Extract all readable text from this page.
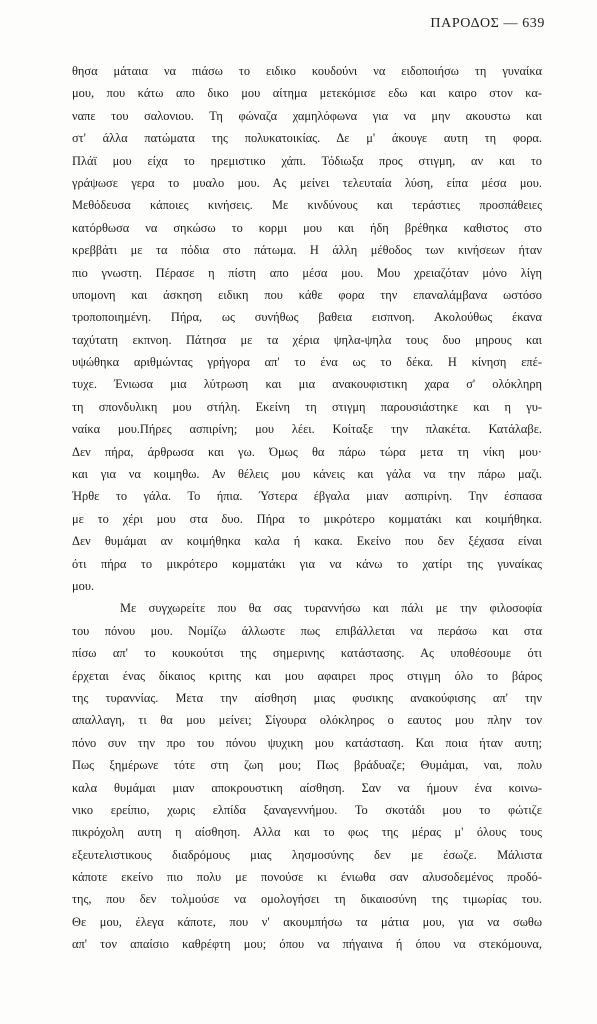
ΠΑΡΟΔΟΣ — 639
θησα μάταια να πιάσω το ειδικο κουδούνι να ειδοποιήσω τη γυναίκα
μου, που κάτω απο δικο μου αίτημα μετεκόμισε εδω και καιρο στον κα-
ναπε του σαλονιου. Τη φώναζα χαμηλόφωνα για να μην ακουστω και
στ' άλλα πατώματα της πολυκατοικίας. Δε μ' άκουγε αυτη τη φορα.
Πλάϊ μου είχα το ηρεμιστικο χάπι. Τόδιωξα προς στιγμη, αν και το
γράψωσε γερα το μυαλο μου. Ας μείνει τελευταία λύση, είπα μέσα μου.
Μεθόδευσα κάποιες κινήσεις. Με κινδύνους και τεράστιες προσπάθειες
κατόρθωσα να σηκώσω το κορμι μου και ήδη βρέθηκα καθιστος στο
κρεββάτι με τα πόδια στο πάτωμα. Η άλλη μέθοδος των κινήσεων ήταν
πιο γνωστη. Πέρασε η πίστη απο μέσα μου. Μου χρειαζόταν μόνο λίγη
υπομονη και άσκηση ειδικη που κάθε φορα την επαναλάμβανα ωστόσο
τροποποιημένη. Πήρα, ως συνήθως βαθεια εισπνοη. Ακολούθως έκανα
ταχύτατη εκπνοη. Πάτησα με τα χέρια ψηλα-ψηλα τους δυο μηρους και
υψώθηκα αριθμώντας γρήγορα απ' το ένα ως το δέκα. Η κίνηση επέ-
τυχε. Ένιωσα μια λύτρωση και μια ανακουφιστικη χαρα σ' ολόκληρη
τη σπονδυλικη μου στήλη. Εκείνη τη στιγμη παρουσιάστηκε και η γυ-
ναίκα μου.Πήρες ασπιρίνη; μου λέει. Κοίταξε την πλακέτα. Κατάλαβε.
Δεν πήρα, άρθρωσα και γω. Όμως θα πάρω τώρα μετα τη νίκη μου·
και για να κοιμηθω. Αν θέλεις μου κάνεις και γάλα να την πάρω μαζι.
Ήρθε το γάλα. Το ήπια. Ύστερα έβγαλα μιαν ασπιρίνη. Την έσπασα
με το χέρι μου στα δυο. Πήρα το μικρότερο κομματάκι και κοιμήθηκα.
Δεν θυμάμαι αν κοιμήθηκα καλα ή κακα. Εκείνο που δεν ξέχασα είναι
ότι πήρα το μικρότερο κομματάκι για να κάνω το χατίρι της γυναίκας
μου.
Με συγχωρείτε που θα σας τυραννήσω και πάλι με την φιλοσοφία
του πόνου μου. Νομίζω άλλωστε πως επιβάλλεται να περάσω και στα
πίσω απ' το κουκούτσι της σημερινης κατάστασης. Ας υποθέσουμε ότι
έρχεται ένας δίκαιος κριτης και μου αφαιρει προς στιγμη όλο το βάρος
της τυραννίας. Μετα την αίσθηση μιας φυσικης ανακούφισης απ' την
απαλλαγη, τι θα μου μείνει; Σίγουρα ολόκληρος ο εαυτος μου πλην τον
πόνο συν την προ του πόνου ψυχικη μου κατάσταση. Και ποια ήταν αυτη;
Πως ξημέρωνε τότε στη ζωη μου; Πως βράδυαζε; Θυμάμαι, ναι, πολυ
καλα θυμάμαι μιαν αποκρουστικη αίσθηση. Σαν να ήμουν ένα κοινω-
νικο ερείπιο, χωρις ελπίδα ξαναγεννήμου. Το σκοτάδι μου το φώτιζε
πικρόχολη αυτη η αίσθηση. Αλλα και το φως της μέρας μ' όλους τους
εξευτελιστικους διαδρόμους μιας λησμοσύνης δεν με έσωζε. Μάλιστα
κάποτε εκείνο πιο πολυ με πονούσε κι ένιωθα σαν αλυσοδεμένος προδό-
της, που δεν τολμούσε να ομολογήσει τη δικαιοσύνη της τιμωρίας του.
Θε μου, έλεγα κάποτε, που ν' ακουμπήσω τα μάτια μου, για να σωθω
απ' τον απαίσιο καθρέφτη μου; όπου να πήγαινα ή όπου να στεκόμουνα,
